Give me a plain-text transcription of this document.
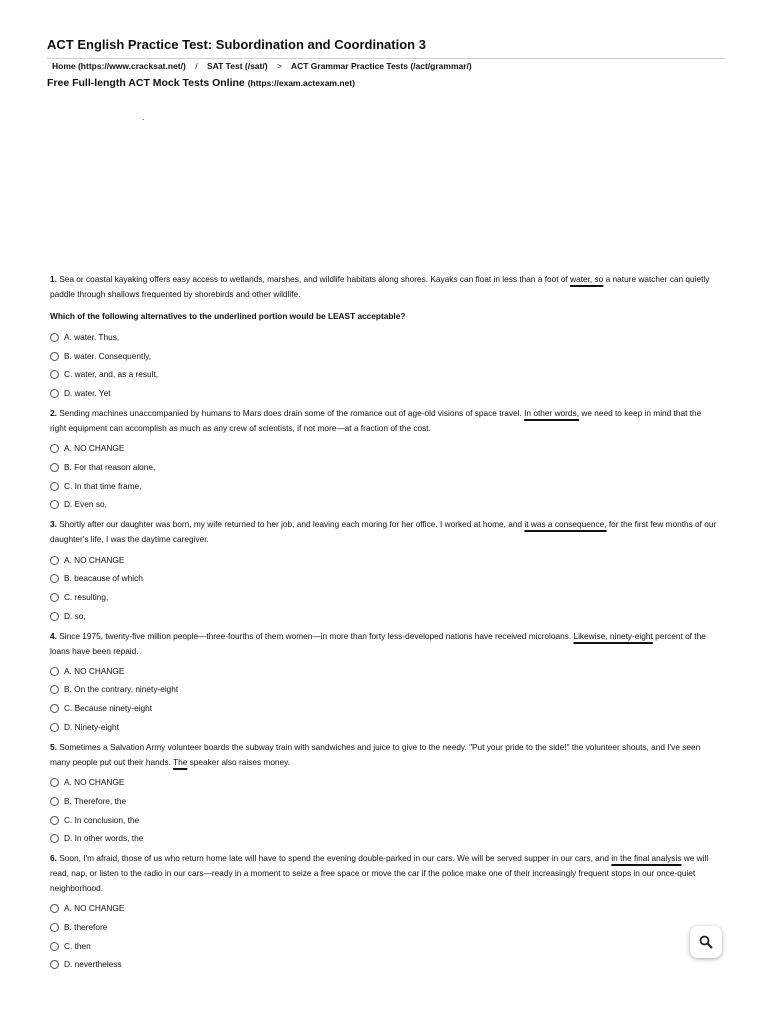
ACT English Practice Test: Subordination and Coordination 3
Home (https://www.cracksat.net/) / SAT Test (/sat/) > ACT Grammar Practice Tests (/act/grammar/)
Free Full-length ACT Mock Tests Online (https://exam.actexam.net)
.
1. Sea or coastal kayaking offers easy access to wetlands, marshes, and wildlife habitats along shores. Kayaks can float in less than a foot of water, so a nature watcher can quietly paddle through shallows frequented by shorebirds and other wildlife.
Which of the following alternatives to the underlined portion would be LEAST acceptable?
A. water. Thus,
B. water. Consequently,
C. water, and, as a result,
D. water. Yet
2. Sending machines unaccompanied by humans to Mars does drain some of the romance out of age-old visions of space travel. In other words, we need to keep in mind that the right equipment can accomplish as much as any crew of scientists, if not more—at a fraction of the cost.
A. NO CHANGE
B. For that reason alone,
C. In that time frame,
D. Even so,
3. Shortly after our daughter was born, my wife returned to her job, and leaving each moring for her office. I worked at home, and it was a consequence, for the first few months of our daughter's life, I was the daytime caregiver.
A. NO CHANGE
B. beacause of which
C. resulting,
D. so,
4. Since 1975, twenty-five million people—three-fourths of them women—in more than forty less-developed nations have received microloans. Likewise, ninety-eight percent of the loans have been repaid.
A. NO CHANGE
B. On the contrary, ninety-eight
C. Because ninety-eight
D. Ninety-eight
5. Sometimes a Salvation Army volunteer boards the subway train with sandwiches and juice to give to the needy. "Put your pride to the side!" the volunteer shouts, and I've seen many people put out their hands. The speaker also raises money.
A. NO CHANGE
B. Therefore, the
C. In conclusion, the
D. In other words, the
6. Soon, I'm afraid, those of us who return home late will have to spend the evening double-parked in our cars. We will be served supper in our cars, and in the final analysis we will read, nap, or listen to the radio in our cars—ready in a moment to seize a free space or move the car if the police make one of their increasingly frequent stops in our once-quiet neighborhood.
A. NO CHANGE
B. therefore
C. then
D. nevertheless
